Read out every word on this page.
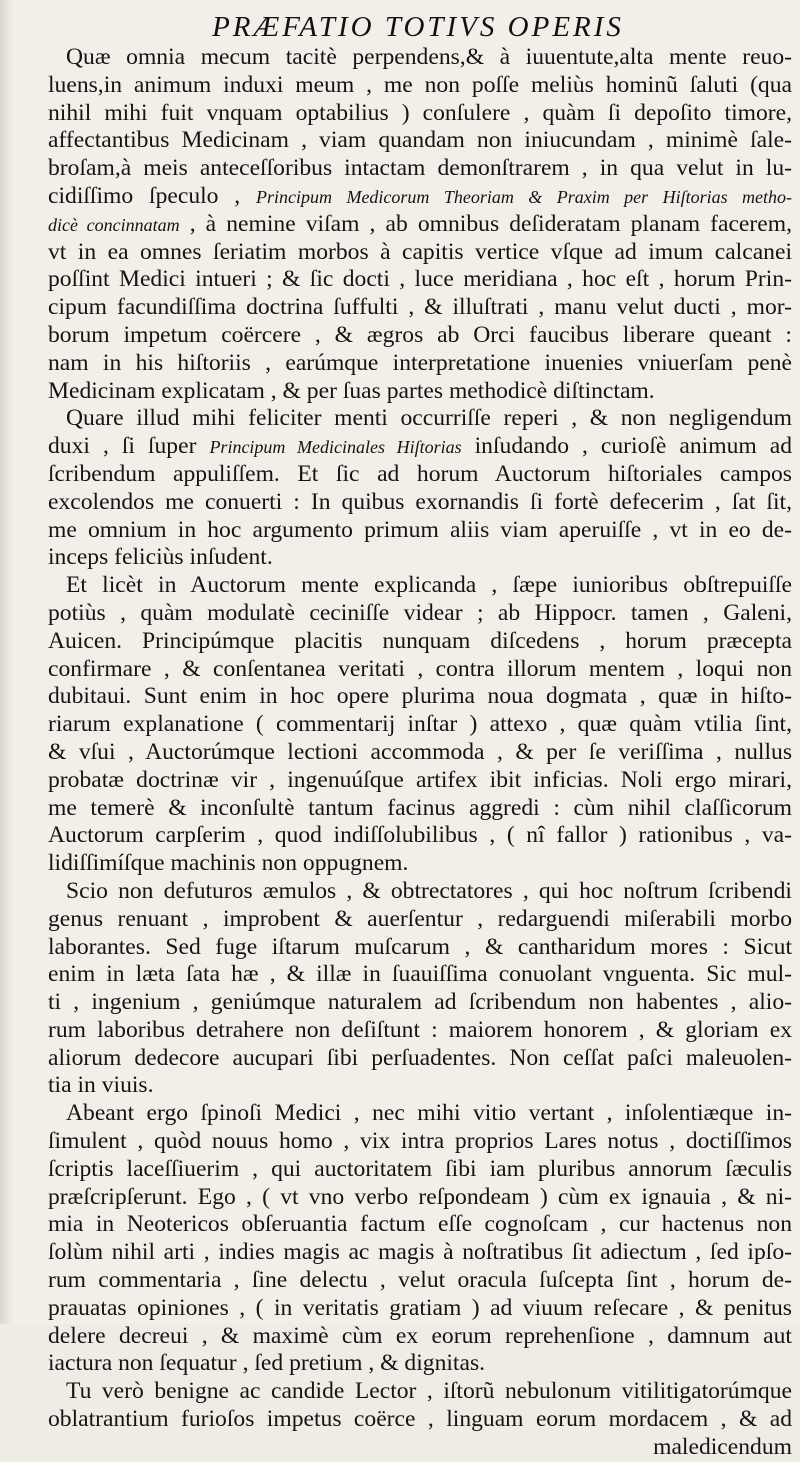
PRÆFATIO TOTIVS OPERIS
Quæ omnia mecum tacitè perpendens,& à iuuentute,alta mente reuo-
luens,in animum induxi meum , me non poſſe meliùs hominũ ſaluti (qua
nihil mihi fuit vnquam optabilius ) conſulere , quàm ſi depoſito timore,
affectantibus Medicinam , viam quandam non iniucundam , minimè ſale-
broſam,à meis anteceſſoribus intactam demonſtrarem , in qua velut in lu-
cidiſſimo ſpeculo , Principum Medicorum Theoriam & Praxim per Hiſtorias metho-
dicè concinnatam , à nemine viſam , ab omnibus deſideratam planam facerem,
vt in ea omnes ſeriatim morbos à capitis vertice vſque ad imum calcanei
poſſint Medici intueri ; & ſic docti , luce meridiana , hoc eſt , horum Prin-
cipum facundiſſima doctrina ſuffulti , & illuſtrati , manu velut ducti , mor-
borum impetum coërcere , & ægros ab Orci faucibus liberare queant :
nam in his hiſtoriis , earúmque interpretatione inuenies vniuerſam penè
Medicinam explicatam , & per ſuas partes methodicè diſtinctam.
Quare illud mihi feliciter menti occurriſſe reperi , & non negligendum
duxi , ſi ſuper Principum Medicinales Hiſtorias inſudando , curioſè animum ad
ſcribendum appuliſſem. Et ſic ad horum Auctorum hiſtoriales campos
excolendos me conuerti : In quibus exornandis ſi fortè defecerim , ſat ſit,
me omnium in hoc argumento primum aliis viam aperuiſſe , vt in eo de-
inceps feliciùs inſudent.
Et licèt in Auctorum mente explicanda , ſæpe iunioribus obſtrepuiſſe
potiùs , quàm modulatè ceciniſſe videar ; ab Hippocr. tamen , Galeni,
Auicen. Principúmque placitis nunquam diſcedens , horum præcepta
confirmare , & conſentanea veritati , contra illorum mentem , loqui non
dubitaui. Sunt enim in hoc opere plurima noua dogmata , quæ in hiſto-
riarum explanatione ( commentarij inſtar ) attexo , quæ quàm vtilia ſint,
& vſui , Auctorúmque lectioni accommoda , & per ſe veriſſima , nullus
probatæ doctrinæ vir , ingenuúſque artifex ibit inficias. Noli ergo mirari,
me temerè & inconſultè tantum facinus aggredi : cùm nihil claſſicorum
Auctorum carpſerim , quod indiſſolubilibus , ( nî fallor ) rationibus , va-
lidiſſimíſque machinis non oppugnem.
Scio non defuturos æmulos , & obtrectatores , qui hoc noſtrum ſcribendi
genus renuant , improbent & auerſentur , redarguendi miſerabili morbo
laborantes. Sed fuge iſtarum muſcarum , & cantharidum mores : Sicut
enim in læta ſata hæ , & illæ in ſuauiſſima conuolant vnguenta. Sic mul-
ti , ingenium , geniúmque naturalem ad ſcribendum non habentes , alio-
rum laboribus detrahere non deſiſtunt : maiorem honorem , & gloriam ex
aliorum dedecore aucupari ſibi perſuadentes. Non ceſſat paſci maleuolen-
tia in viuis.
Abeant ergo ſpinoſi Medici , nec mihi vitio vertant , inſolentiæque in-
ſimulent , quòd nouus homo , vix intra proprios Lares notus , doctiſſimos
ſcriptis laceſſiuerim , qui auctoritatem ſibi iam pluribus annorum ſæculis
præſcripſerunt. Ego , ( vt vno verbo reſpondeam ) cùm ex ignauia , & ni-
mia in Neotericos obſeruantia factum eſſe cognoſcam , cur hactenus non
ſolùm nihil arti , indies magis ac magis à noſtratibus ſit adiectum , ſed ipſo-
rum commentaria , ſine delectu , velut oracula ſuſcepta ſint , horum de-
prauatas opiniones , ( in veritatis gratiam ) ad viuum reſecare , & penitus
delere decreui , & maximè cùm ex eorum reprehenſione , damnum aut
iactura non ſequatur , ſed pretium , & dignitas.
Tu verò benigne ac candide Lector , iſtorũ nebulonum vitilitigatorúmque
oblatrantium furioſos impetus coërce , linguam eorum mordacem , & ad
maledicendum
